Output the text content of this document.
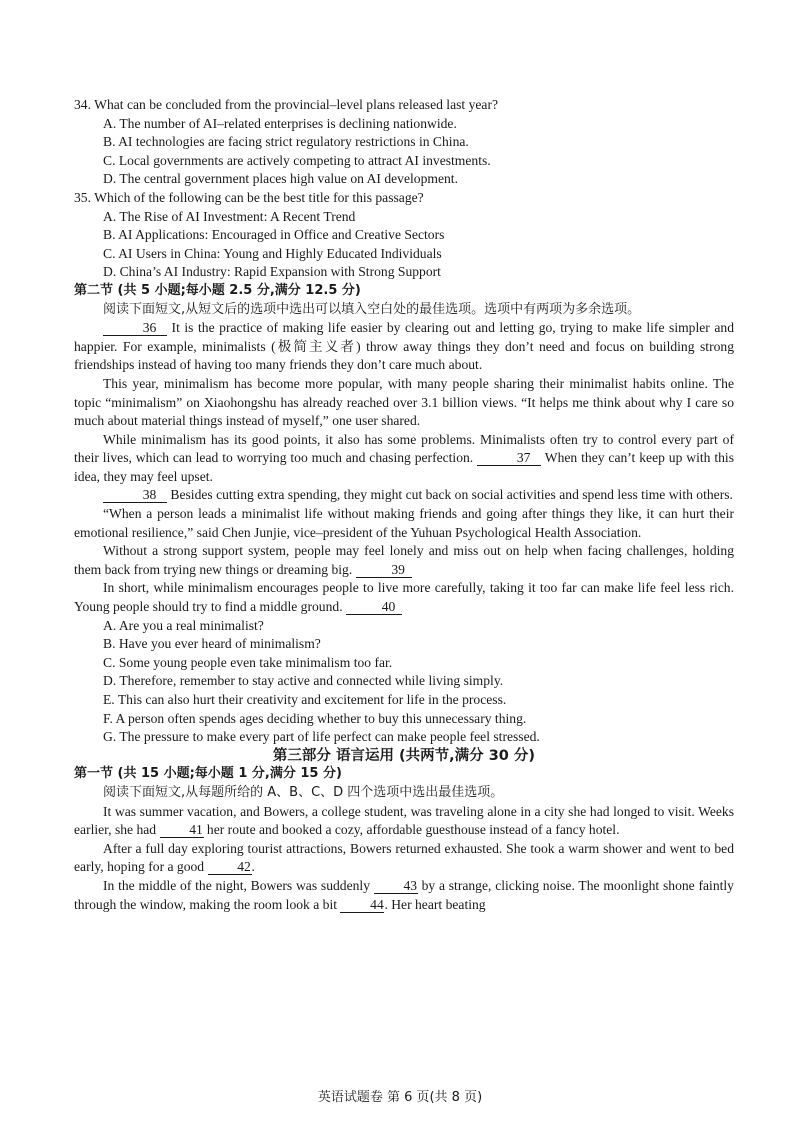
34. What can be concluded from the provincial–level plans released last year?
A. The number of AI–related enterprises is declining nationwide.
B. AI technologies are facing strict regulatory restrictions in China.
C. Local governments are actively competing to attract AI investments.
D. The central government places high value on AI development.
35. Which of the following can be the best title for this passage?
A. The Rise of AI Investment: A Recent Trend
B. AI Applications: Encouraged in Office and Creative Sectors
C. AI Users in China: Young and Highly Educated Individuals
D. China’s AI Industry: Rapid Expansion with Strong Support
第二节 (共 5 小题;每小题 2.5 分,满分 12.5 分)
阅读下面短文,从短文后的选项中选出可以填入空白处的最佳选项。选项中有两项为多余选项。
36 It is the practice of making life easier by clearing out and letting go, trying to make life simpler and happier. For example, minimalists (极简主义者) throw away things they don’t need and focus on building strong friendships instead of having too many friends they don’t care much about.
This year, minimalism has become more popular, with many people sharing their minimalist habits online. The topic “minimalism” on Xiaohongshu has already reached over 3.1 billion views. “It helps me think about why I care so much about material things instead of myself,” one user shared.
While minimalism has its good points, it also has some problems. Minimalists often try to control every part of their lives, which can lead to worrying too much and chasing perfection.	37 When they can’t keep up with this idea, they may feel upset.
38 Besides cutting extra spending, they might cut back on social activities and spend less time with others.
“When a person leads a minimalist life without making friends and going after things they like, it can hurt their emotional resilience,” said Chen Junjie, vice–president of the Yuhuan Psychological Health Association.
Without a strong support system, people may feel lonely and miss out on help when facing challenges, holding them back from trying new things or dreaming big.	39
In short, while minimalism encourages people to live more carefully, taking it too far can make life feel less rich. Young people should try to find a middle ground.	40
A. Are you a real minimalist?
B. Have you ever heard of minimalism?
C. Some young people even take minimalism too far.
D. Therefore, remember to stay active and connected while living simply.
E. This can also hurt their creativity and excitement for life in the process.
F. A person often spends ages deciding whether to buy this unnecessary thing.
G. The pressure to make every part of life perfect can make people feel stressed.
第三部分 语言运用 (共两节,满分 30 分)
第一节 (共 15 小题;每小题 1 分,满分 15 分)
阅读下面短文,从每题所给的 A、B、C、D 四个选项中选出最佳选项。
It was summer vacation, and Bowers, a college student, was traveling alone in a city she had longed to visit. Weeks earlier, she had 41 her route and booked a cozy, affordable guesthouse instead of a fancy hotel.
After a full day exploring tourist attractions, Bowers returned exhausted. She took a warm shower and went to bed early, hoping for a good 42.
In the middle of the night, Bowers was suddenly 43 by a strange, clicking noise. The moonlight shone faintly through the window, making the room look a bit 44. Her heart beating
英语试题卷 第 6 页(共 8 页)
